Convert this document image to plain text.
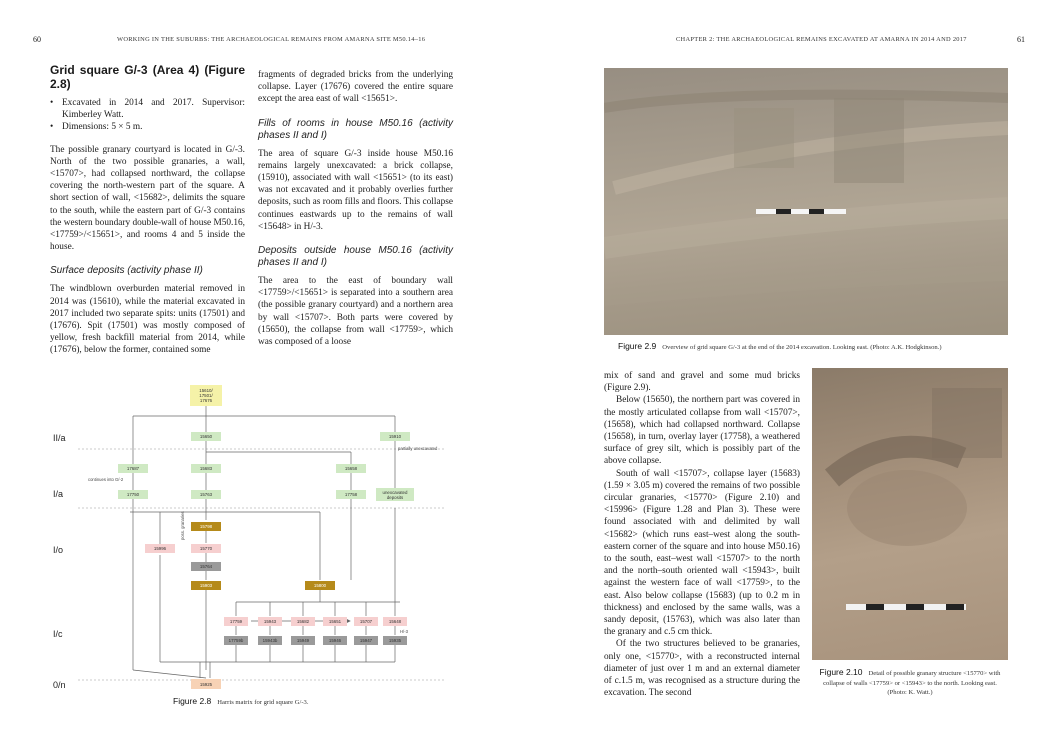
60	WORKING IN THE SUBURBS: THE ARCHAEOLOGICAL REMAINS FROM AMARNA SITE M50.14–16
Grid square G/-3 (Area 4) (Figure 2.8)
• Excavated in 2014 and 2017. Supervisor: Kimberley Watt.
• Dimensions: 5 × 5 m.

The possible granary courtyard is located in G/-3. North of the two possible granaries, a wall, <15707>, had collapsed northward, the collapse covering the north-western part of the square. A short section of wall, <15682>, delimits the square to the south, while the eastern part of G/-3 contains the western boundary double-wall of house M50.16, <17759>/<15651>, and rooms 4 and 5 inside the house.

Surface deposits (activity phase II)

The windblown overburden material removed in 2014 was (15610), while the material excavated in 2017 included two separate spits: units (17501) and (17676). Spit (17501) was mostly composed of yellow, fresh backfill material from 2014, while (17676), below the former, contained some

fragments of degraded bricks from the underlying collapse. Layer (17676) covered the entire square except the area east of wall <15651>.

Fills of rooms in house M50.16 (activity phases II and I)

The area of square G/-3 inside house M50.16 remains largely unexcavated: a brick collapse, (15910), associated with wall <15651> (to its east) was not excavated and it probably overlies further deposits, such as room fills and floors. This collapse continues eastwards up to the remains of wall <15648> in H/-3.

Deposits outside house M50.16 (activity phases II and I)

The area to the east of boundary wall <17759>/<15651> is separated into a southern area (the possible granary courtyard) and a northern area by wall <15707>. Both parts were covered by (15650), the collapse from wall <17759>, which was composed of a loose

II/a
I/a
I/o
I/c
0/n
15610/
17501/
17676
15650	15910
partially unexcavated
17687	15683	15658
continues into G/-2
17750	15763	17758	unexcavated deposits
poss. granaries	15798
15996	15770
15764
15903	15800
17759	15943	15682	15651	15707	15648
H/-3
17759b	15943b	15949	15946	15947	15935
15925
Figure 2.8 Harris matrix for grid square G/-3.
CHAPTER 2: THE ARCHAEOLOGICAL REMAINS EXCAVATED AT AMARNA IN 2014 AND 2017	61
Figure 2.9 Overview of grid square G/-3 at the end of the 2014 excavation. Looking east. (Photo: A.K. Hodgkinson.)

mix of sand and gravel and some mud bricks (Figure 2.9).

Below (15650), the northern part was covered in the mostly articulated collapse from wall <15707>, (15658), which had collapsed northward. Collapse (15658), in turn, overlay layer (17758), a weathered surface of grey silt, which is possibly part of the above collapse.

South of wall <15707>, collapse layer (15683) (1.59 × 3.05 m) covered the remains of two possible circular granaries, <15770> (Figure 2.10) and <15996> (Figure 1.28 and Plan 3). These were found associated with and delimited by wall <15682> (which runs east–west along the south-eastern corner of the square and into house M50.16) to the south, east–west wall <15707> to the north and the north–south oriented wall <15943>, built against the western face of wall <17759>, to the east. Also below collapse (15683) (up to 0.2 m in thickness) and enclosed by the same walls, was a sandy deposit, (15763), which was also later than the granary and c.5 cm thick.

Of the two structures believed to be granaries, only one, <15770>, with a reconstructed internal diameter of just over 1 m and an external diameter of c.1.5 m, was recognised as a structure during the excavation. The second

Figure 2.10 Detail of possible granary structure <15770> with collapse of walls <17759> or <15943> to the north. Looking east. (Photo: K. Watt.)
